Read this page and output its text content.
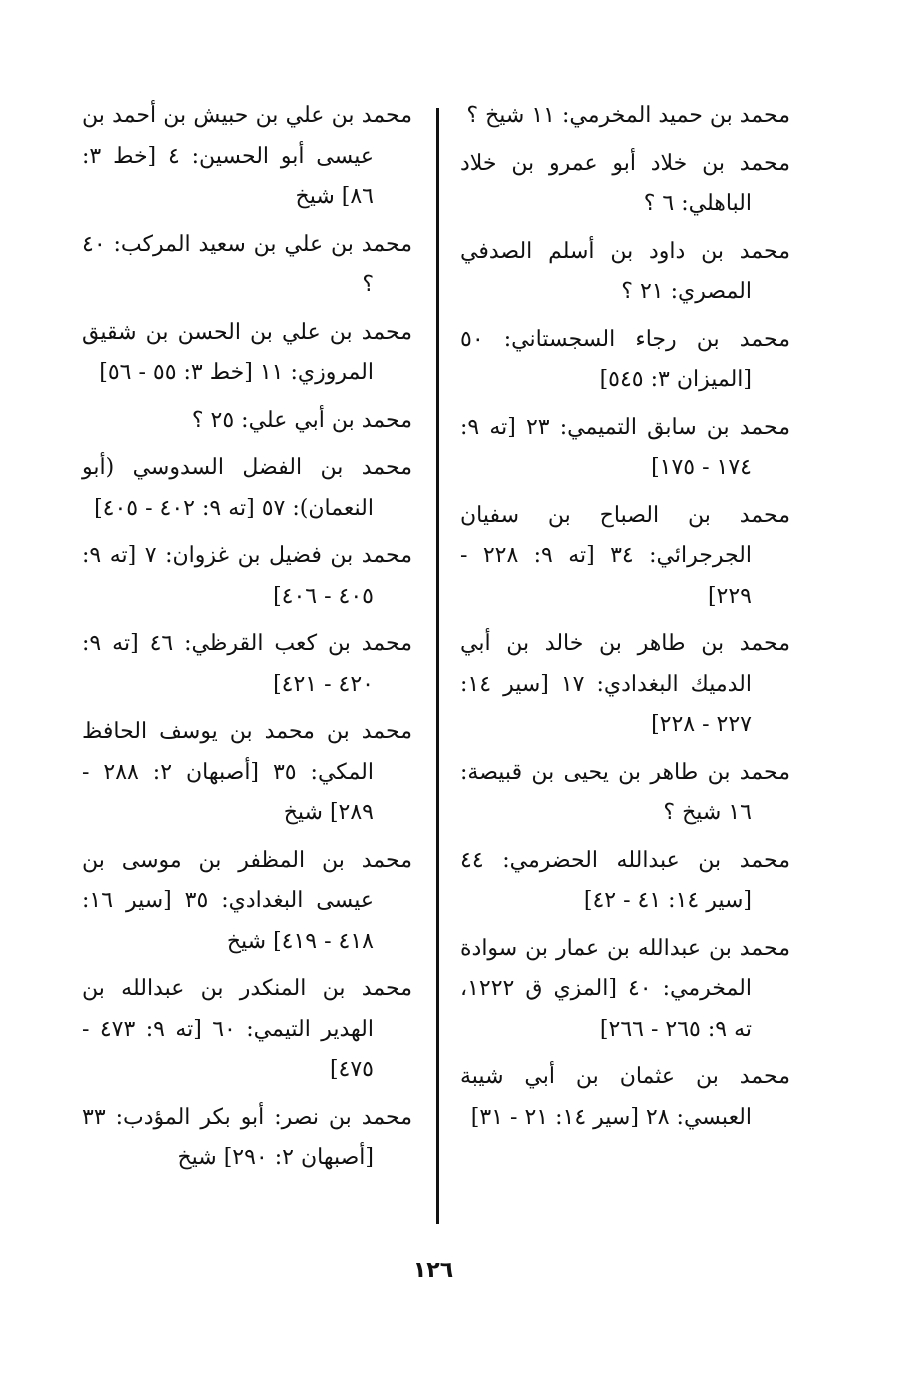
محمد بن حميد المخرمي: ١١ شيخ ؟

محمد بن خلاد أبو عمرو بن خلاد الباهلي: ٦ ؟

محمد بن داود بن أسلم الصدفي المصري: ٢١ ؟

محمد بن رجاء السجستاني: ٥٠ [الميزان ٣: ٥٤٥]

محمد بن سابق التميمي: ٢٣ [ته ٩: ١٧٤ - ١٧٥]

محمد بن الصباح بن سفيان الجرجرائي: ٣٤ [ته ٩: ٢٢٨ - ٢٢٩]

محمد بن طاهر بن خالد بن أبي الدميك البغدادي: ١٧ [سير ١٤: ٢٢٧ - ٢٢٨]

محمد بن طاهر بن يحيى بن قبيصة: ١٦ شيخ ؟

محمد بن عبدالله الحضرمي: ٤٤ [سير ١٤: ٤١ - ٤٢]

محمد بن عبدالله بن عمار بن سوادة المخرمي: ٤٠ [المزي ق ١٢٢٢، ته ٩: ٢٦٥ - ٢٦٦]

محمد بن عثمان بن أبي شيبة العبسي: ٢٨ [سير ١٤: ٢١ - ٣١]

محمد بن علي بن حبيش بن أحمد بن عيسى أبو الحسين: ٤ [خط ٣: ٨٦] شيخ

محمد بن علي بن سعيد المركب: ٤٠ ؟

محمد بن علي بن الحسن بن شقيق المروزي: ١١ [خط ٣: ٥٥ - ٥٦]

محمد بن أبي علي: ٢٥ ؟

محمد بن الفضل السدوسي (أبو النعمان): ٥٧ [ته ٩: ٤٠٢ - ٤٠٥]

محمد بن فضيل بن غزوان: ٧ [ته ٩: ٤٠٥ - ٤٠٦]

محمد بن كعب القرظي: ٤٦ [ته ٩: ٤٢٠ - ٤٢١]

محمد بن محمد بن يوسف الحافظ المكي: ٣٥ [أصبهان ٢: ٢٨٨ - ٢٨٩] شيخ

محمد بن المظفر بن موسى بن عيسى البغدادي: ٣٥ [سير ١٦: ٤١٨ - ٤١٩] شيخ

محمد بن المنكدر بن عبدالله بن الهدير التيمي: ٦٠ [ته ٩: ٤٧٣ - ٤٧٥]

محمد بن نصر: أبو بكر المؤدب: ٣٣ [أصبهان ٢: ٢٩٠] شيخ

١٢٦
